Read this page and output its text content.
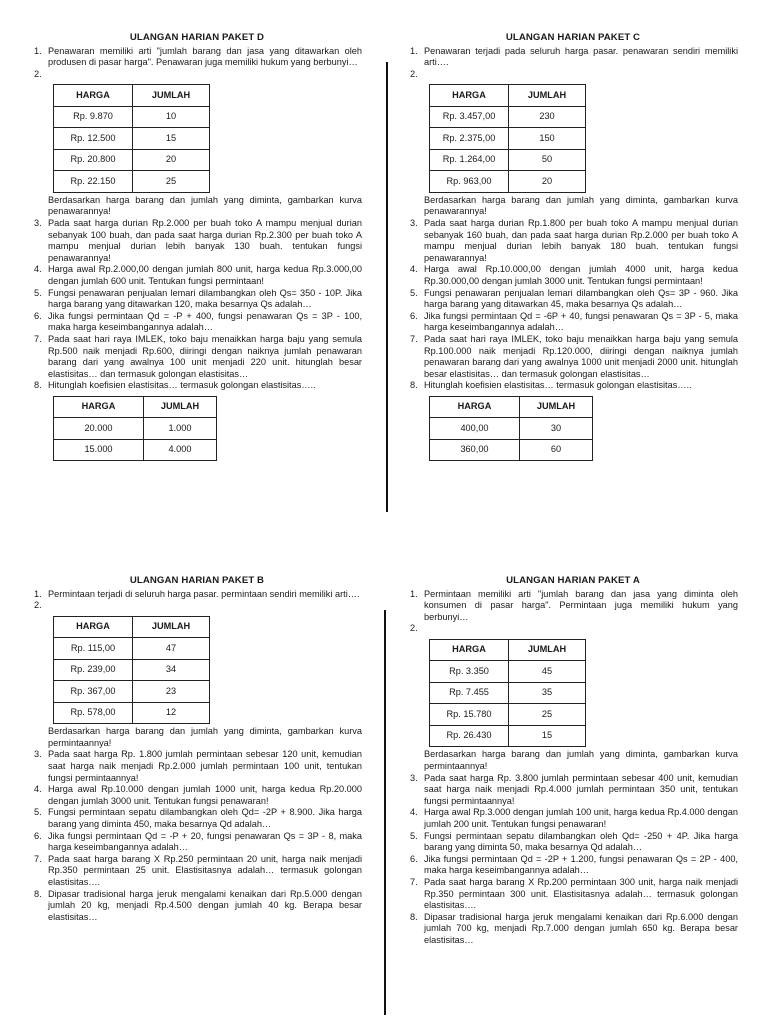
ULANGAN HARIAN PAKET D
1. Penawaran memiliki arti "jumlah barang dan jasa yang ditawarkan oleh produsen di pasar harga". Penawaran juga memiliki hukum yang berbunyi…
2.

HARGA	JUMLAH
Rp. 9.870	10
Rp. 12.500	15
Rp. 20.800	20
Rp. 22.150	25
Berdasarkan harga barang dan jumlah yang diminta, gambarkan kurva penawarannya!
3. Pada saat harga durian Rp.2.000 per buah toko A mampu menjual durian sebanyak 100 buah, dan pada saat harga durian Rp.2.300 per buah toko A mampu menjual durian lebih banyak 130 buah. tentukan fungsi penawarannya!
4. Harga awal Rp.2.000,00 dengan jumlah 800 unit, harga kedua Rp.3.000,00 dengan jumlah 600 unit. Tentukan fungsi permintaan!
5. Fungsi penawaran penjualan lemari dilambangkan oleh Qs= 350 - 10P. Jika harga barang yang ditawarkan 120, maka besarnya Qs adalah…
6. Jika fungsi permintaan Qd = -P + 400, fungsi penawaran Qs = 3P - 100, maka harga keseimbangannya adalah…
7. Pada saat hari raya IMLEK, toko baju menaikkan harga baju yang semula Rp.500 naik menjadi Rp.600, diiringi dengan naiknya jumlah penawaran barang dari yang awalnya 100 unit menjadi 220 unit. hitunglah besar elastisitas… dan termasuk golongan elastisitas…
8. Hitunglah koefisien elastisitas… termasuk golongan elastisitas…..
HARGA	JUMLAH
20.000	1.000
15.000	4.000
ULANGAN HARIAN PAKET C
1. Penawaran terjadi pada seluruh harga pasar. penawaran sendiri memiliki arti….
2.

HARGA	JUMLAH
Rp. 3.457,00	230
Rp. 2.375,00	150
Rp. 1.264,00	50
Rp. 963,00	20
Berdasarkan harga barang dan jumlah yang diminta, gambarkan kurva penawarannya!
3. Pada saat harga durian Rp.1.800 per buah toko A mampu menjual durian sebanyak 160 buah, dan pada saat harga durian Rp.2.000 per buah toko A mampu menjual durian lebih banyak 180 buah. tentukan fungsi penawarannya!
4. Harga awal Rp.10.000,00 dengan jumlah 4000 unit, harga kedua Rp.30.000,00 dengan jumlah 3000 unit. Tentukan fungsi permintaan!
5. Fungsi penawaran penjualan lemari dilambangkan oleh Qs= 3P - 960. Jika harga barang yang ditawarkan 45, maka besarnya Qs adalah…
6. Jika fungsi permintaan Qd = -6P + 40, fungsi penawaran Qs = 3P - 5, maka harga keseimbangannya adalah…
7. Pada saat hari raya IMLEK, toko baju menaikkan harga baju yang semula Rp.100.000 naik menjadi Rp.120.000, diiringi dengan naiknya jumlah penawaran barang dari yang awalnya 1000 unit menjadi 2000 unit. hitunglah besar elastisitas… dan termasuk golongan elastisitas…
8. Hitunglah koefisien elastisitas… termasuk golongan elastisitas…..
HARGA	JUMLAH
400,00	30
360,00	60
ULANGAN HARIAN PAKET B
1. Permintaan terjadi di seluruh harga pasar. permintaan sendiri memiliki arti….
2.

HARGA	JUMLAH
Rp. 115,00	47
Rp. 239,00	34
Rp. 367,00	23
Rp. 578,00	12
Berdasarkan harga barang dan jumlah yang diminta, gambarkan kurva permintaannya!
3. Pada saat harga Rp. 1.800 jumlah permintaan sebesar 120 unit, kemudian saat harga naik menjadi Rp.2.000 jumlah permintaan 100 unit, tentukan fungsi permintaannya!
4. Harga awal Rp.10.000 dengan jumlah 1000 unit, harga kedua Rp.20.000 dengan jumlah 3000 unit. Tentukan fungsi penawaran!
5. Fungsi permintaan sepatu dilambangkan oleh Qd= -2P + 8.900. Jika harga barang yang diminta 450, maka besarnya Qd adalah…
6. Jika fungsi permintaan Qd = -P + 20, fungsi penawaran Qs = 3P - 8, maka harga keseimbangannya adalah…
7. Pada saat harga barang X Rp.250 permintaan 20 unit, harga naik menjadi Rp.350 permintaan 25 unit. Elastisitasnya adalah… termasuk golongan elastisitas….
8. Dipasar tradisional harga jeruk mengalami kenaikan dari Rp.5.000 dengan jumlah 20 kg, menjadi Rp.4.500 dengan jumlah 40 kg. Berapa besar elastisitas…
ULANGAN HARIAN PAKET A
1. Permintaan memiliki arti "jumlah barang dan jasa yang diminta oleh konsumen di pasar harga". Permintaan juga memiliki hukum yang berbunyi…
2.

HARGA	JUMLAH
Rp. 3.350	45
Rp. 7.455	35
Rp. 15.780	25
Rp. 26.430	15
Berdasarkan harga barang dan jumlah yang diminta, gambarkan kurva permintaannya!
3. Pada saat harga Rp. 3.800 jumlah permintaan sebesar 400 unit, kemudian saat harga naik menjadi Rp.4.000 jumlah permintaan 350 unit, tentukan fungsi permintaannya!
4. Harga awal Rp.3.000 dengan jumlah 100 unit, harga kedua Rp.4.000 dengan jumlah 200 unit. Tentukan fungsi penawaran!
5. Fungsi permintaan sepatu dilambangkan oleh Qd= -250 + 4P. Jika harga barang yang diminta 50, maka besarnya Qd adalah…
6. Jika fungsi permintaan Qd = -2P + 1.200, fungsi penawaran Qs = 2P - 400, maka harga keseimbangannya adalah…
7. Pada saat harga barang X Rp.200 permintaan 300 unit, harga naik menjadi Rp.350 permintaan 300 unit. Elastisitasnya adalah… termasuk golongan elastisitas….
8. Dipasar tradisional harga jeruk mengalami kenaikan dari Rp.6.000 dengan jumlah 700 kg, menjadi Rp.7.000 dengan jumlah 650 kg. Berapa besar elastisitas…
